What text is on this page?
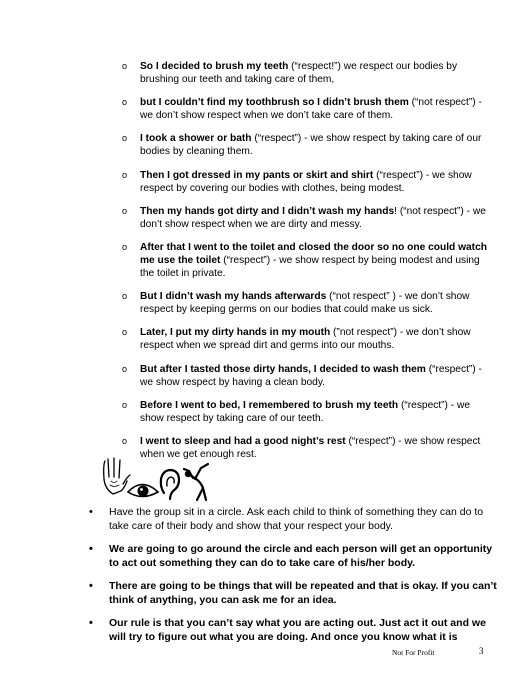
o So I decided to brush my teeth (“respect!”) we respect our bodies by brushing our teeth and taking care of them,
o but I couldn’t find my toothbrush so I didn’t brush them (“not respect”) - we don’t show respect when we don’t take care of them.
o I took a shower or bath (“respect”) - we show respect by taking care of our bodies by cleaning them.
o Then I got dressed in my pants or skirt and shirt (“respect”) - we show respect by covering our bodies with clothes, being modest.
o Then my hands got dirty and I didn’t wash my hands! (“not respect”) - we don’t show respect when we are dirty and messy.
o After that I went to the toilet and closed the door so no one could watch me use the toilet (“respect”) - we show respect by being modest and using the toilet in private.
o But I didn’t wash my hands afterwards (“not respect” ) - we don’t show respect by keeping germs on our bodies that could make us sick.
o Later, I put my dirty hands in my mouth (”not respect”) - we don’t show respect when we spread dirt and germs into our mouths.
o But after I tasted those dirty hands, I decided to wash them (“respect”) - we show respect by having a clean body.
o Before I went to bed, I remembered to brush my teeth (“respect”) - we show respect by taking care of our teeth.
o I went to sleep and had a good night’s rest (“respect”) - we show respect when we get enough rest.
• Have the group sit in a circle. Ask each child to think of something they can do to take care of their body and show that your respect your body.
• We are going to go around the circle and each person will get an opportunity to act out something they can do to take care of his/her body.
• There are going to be things that will be repeated and that is okay. If you can’t think of anything, you can ask me for an idea.
• Our rule is that you can’t say what you are acting out. Just act it out and we will try to figure out what you are doing. And once you know what it is
Not For Profit	3
